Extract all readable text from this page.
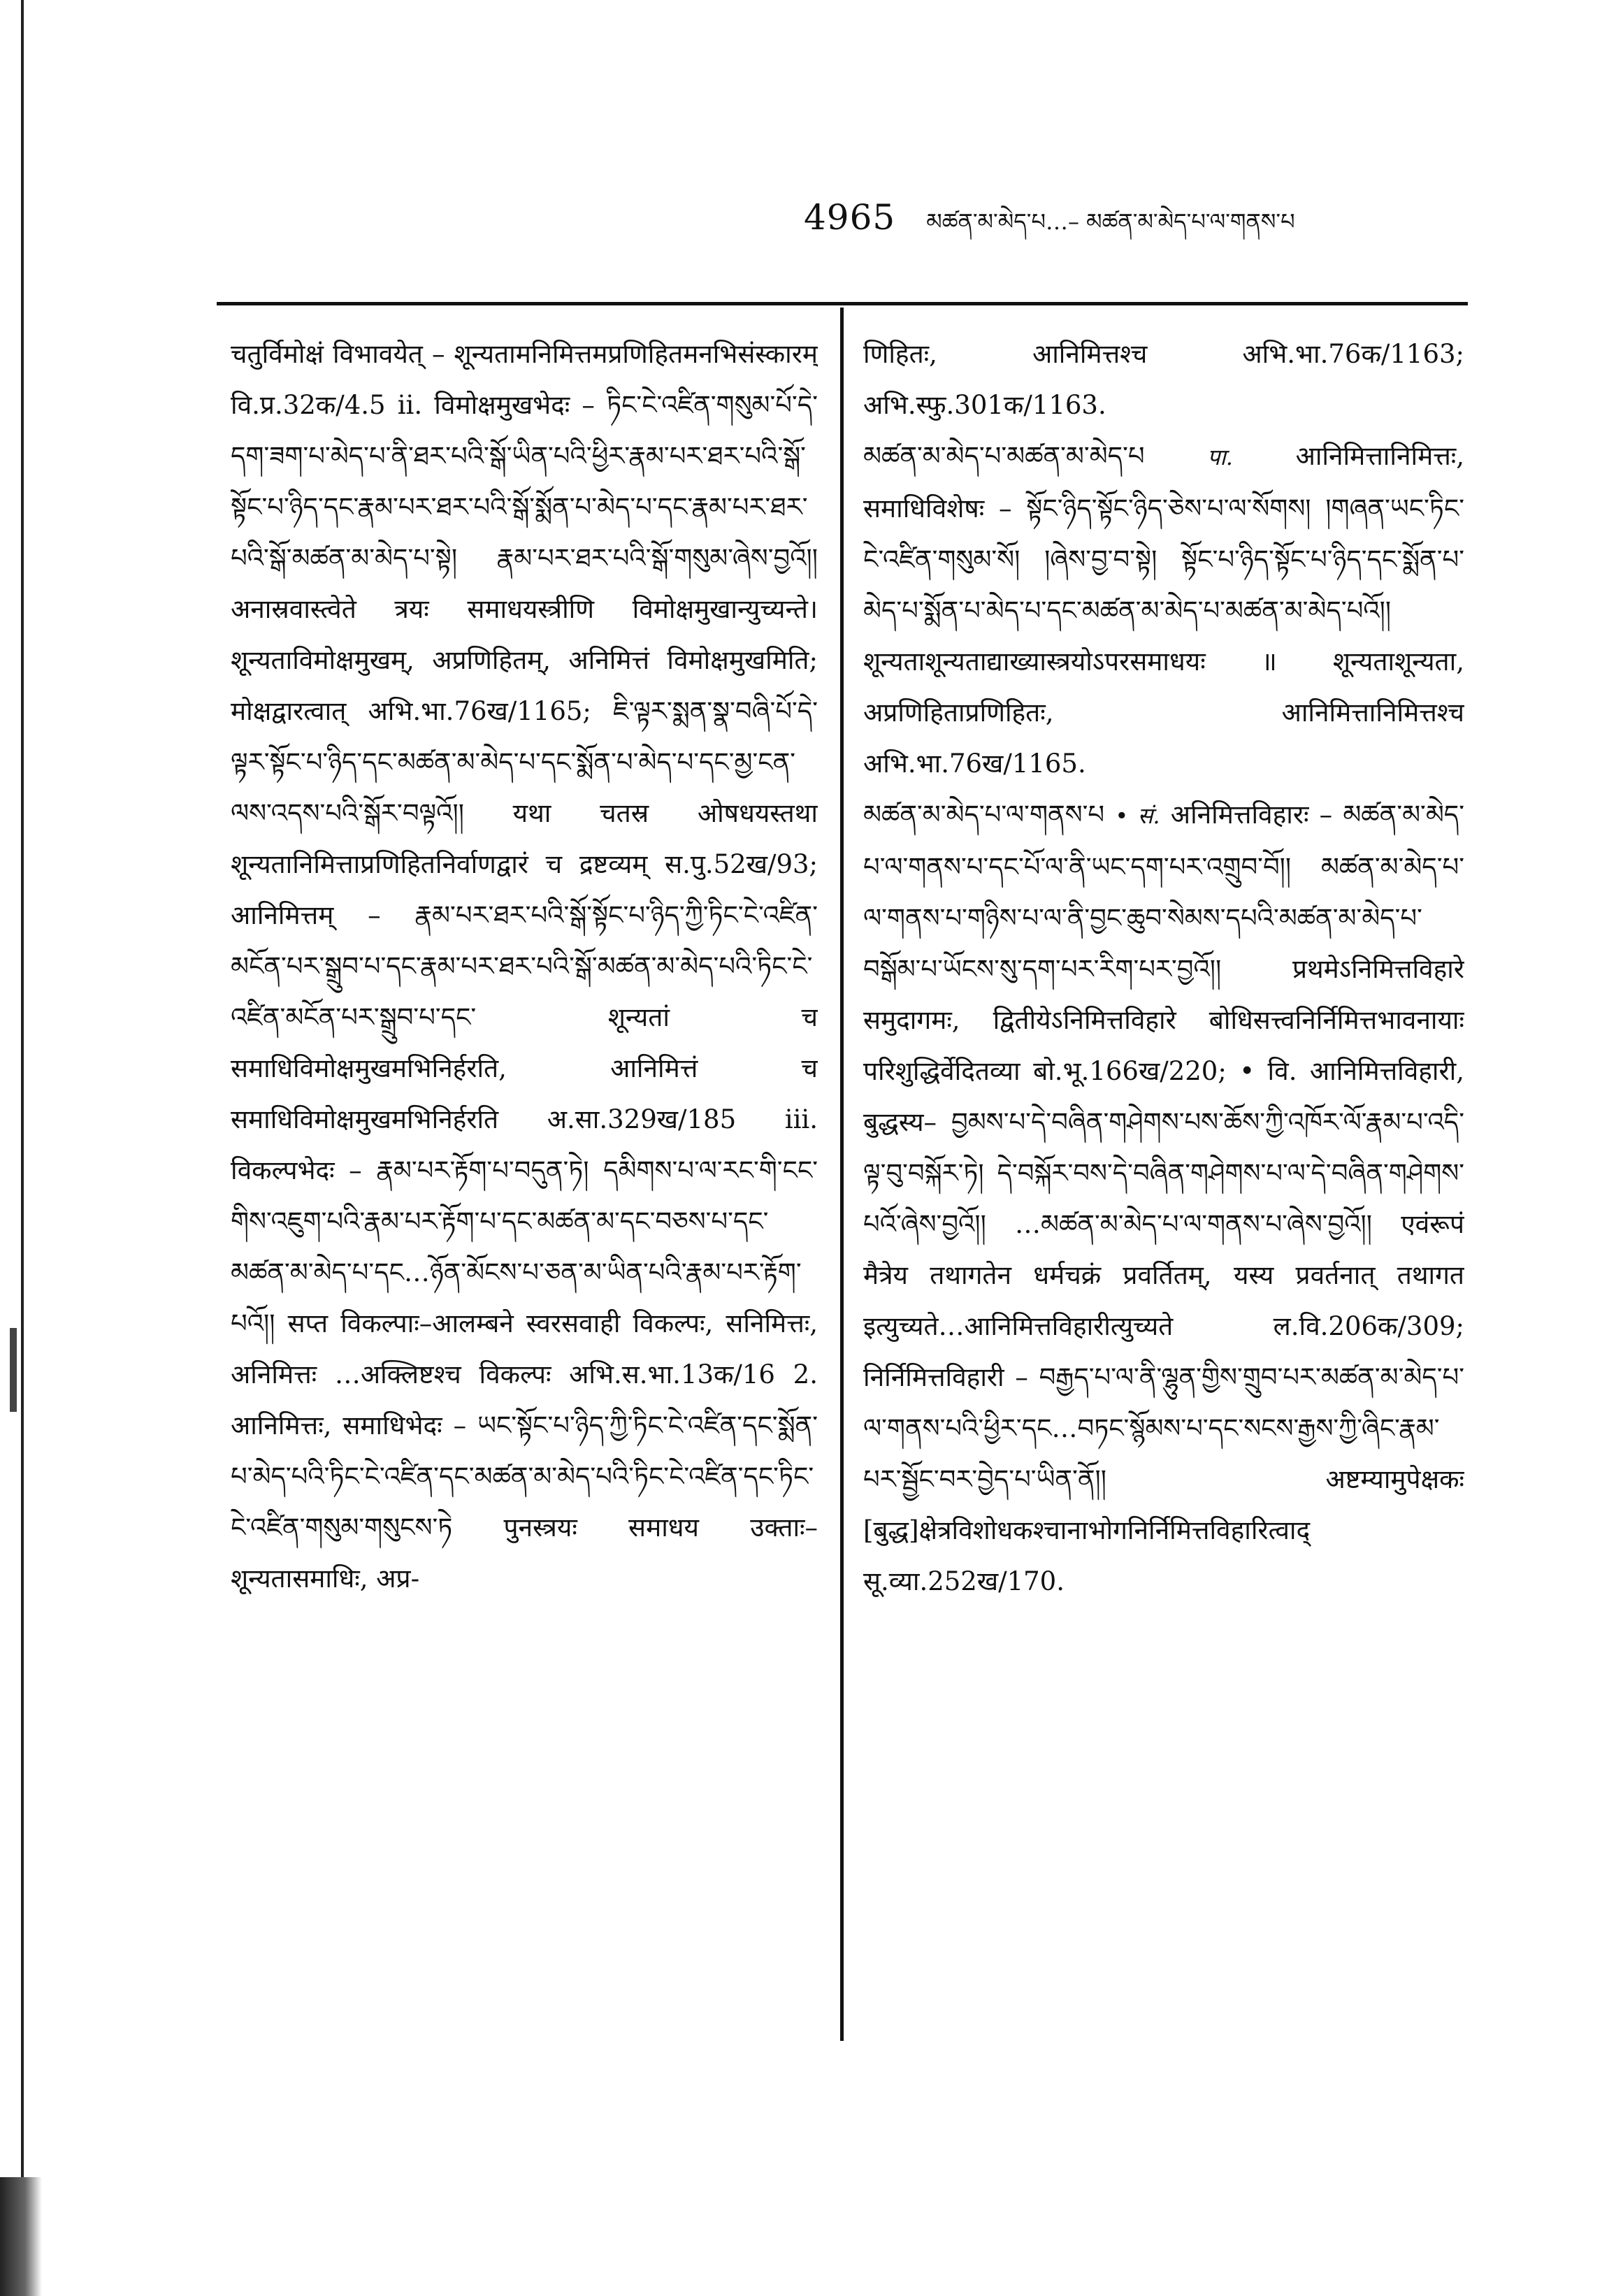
4965 མཚན་མ་མེད་པ…– མཚན་མ་མེད་པ་ལ་གནས་པ

चतुर्विमोक्षं विभावयेत् – शून्यतामनिमित्तमप्रणिहितमनभिसंस्कारम् वि.प्र.32क/4.5 ii. विमोक्षमुखभेदः – ཏིང་ངེ་འཛིན་གསུམ་པོ་དེ་དག་ཟག་པ་མེད་པ་ནི་ཐར་པའི་སྒོ་ཡིན་པའི་ཕྱིར་རྣམ་པར་ཐར་པའི་སྒོ་སྟོང་པ་ཉིད་དང་རྣམ་པར་ཐར་པའི་སྒོ་སྨོན་པ་མེད་པ་དང་རྣམ་པར་ཐར་པའི་སྒོ་མཚན་མ་མེད་པ་སྟེ། རྣམ་པར་ཐར་པའི་སྒོ་གསུམ་ཞེས་བྱའོ།། अनास्रवास्त्वेते त्रयः समाधयस्त्रीणि विमोक्षमुखान्युच्यन्ते। शून्यताविमोक्षमुखम्, अप्रणिहितम्, अनिमित्तं विमोक्षमुखमिति; मोक्षद्वारत्वात् अभि.भा.76ख/1165; ཇི་ལྟར་སྨན་སྣ་བཞི་པོ་དེ་ལྟར་སྟོང་པ་ཉིད་དང་མཚན་མ་མེད་པ་དང་སྨོན་པ་མེད་པ་དང་མྱ་ངན་ལས་འདས་པའི་སྒོར་བལྟའོ།། यथा चतस्र ओषधयस्तथा शून्यतानिमित्ताप्रणिहितनिर्वाणद्वारं च द्रष्टव्यम् स.पु.52ख/93; आनिमित्तम् – རྣམ་པར་ཐར་པའི་སྒོ་སྟོང་པ་ཉིད་ཀྱི་ཏིང་ངེ་འཛིན་མངོན་པར་སྒྲུབ་པ་དང་རྣམ་པར་ཐར་པའི་སྒོ་མཚན་མ་མེད་པའི་ཏིང་ངེ་འཛིན་མངོན་པར་སྒྲུབ་པ་དང་ शून्यतां च समाधिविमोक्षमुखमभिनिर्हरति, आनिमित्तं च समाधिविमोक्षमुखमभिनिर्हरति अ.सा.329ख/185 iii. विकल्पभेदः – རྣམ་པར་རྟོག་པ་བདུན་ཏེ། དམིགས་པ་ལ་རང་གི་ངང་གིས་འཇུག་པའི་རྣམ་པར་རྟོག་པ་དང་མཚན་མ་དང་བཅས་པ་དང་མཚན་མ་མེད་པ་དང…ཉོན་མོངས་པ་ཅན་མ་ཡིན་པའི་རྣམ་པར་རྟོག་པའོ།། सप्त विकल्पाः–आलम्बने स्वरसवाही विकल्पः, सनिमित्तः, अनिमित्तः …अक्लिष्टश्च विकल्पः अभि.स.भा.13क/16 2. आनिमित्तः, समाधिभेदः – ཡང་སྟོང་པ་ཉིད་ཀྱི་ཏིང་ངེ་འཛིན་དང་སྨོན་པ་མེད་པའི་ཏིང་ངེ་འཛིན་དང་མཚན་མ་མེད་པའི་ཏིང་ངེ་འཛིན་དང་ཏིང་ངེ་འཛིན་གསུམ་གསུངས་ཏེ पुनस्त्रयः समाधय उक्ताः–शून्यतासमाधिः, अप्र-

णिहितः, आनिमित्तश्च अभि.भा.76क/1163; अभि.स्फु.301क/1163.

མཚན་མ་མེད་པ་མཚན་མ་མེད་པ	पा. आनिमित्तानिमित्तः, समाधिविशेषः – སྟོང་ཉིད་སྟོང་ཉིད་ཅེས་པ་ལ་སོགས། །གཞན་ཡང་ཏིང་ངེ་འཛིན་གསུམ་སོ། །ཞེས་བྱ་བ་སྟེ། སྟོང་པ་ཉིད་སྟོང་པ་ཉིད་དང་སྨོན་པ་མེད་པ་སྨོན་པ་མེད་པ་དང་མཚན་མ་མེད་པ་མཚན་མ་མེད་པའོ།། शून्यताशून्यताद्याख्यास्त्रयोऽपरसमाधयः ॥ शून्यताशून्यता, अप्रणिहिताप्रणिहितः, आनिमित्तानिमित्तश्च अभि.भा.76ख/1165.

མཚན་མ་མེད་པ་ལ་གནས་པ • सं. अनिमित्तविहारः – མཚན་མ་མེད་པ་ལ་གནས་པ་དང་པོ་ལ་ནི་ཡང་དག་པར་འགྲུབ་བོ།། མཚན་མ་མེད་པ་ལ་གནས་པ་གཉིས་པ་ལ་ནི་བྱང་ཆུབ་སེམས་དཔའི་མཚན་མ་མེད་པ་བསྒོམ་པ་ཡོངས་སུ་དག་པར་རིག་པར་བྱའོ།། प्रथमेऽनिमित्तविहारे समुदागमः, द्वितीयेऽनिमित्तविहारे बोधिसत्त्वनिर्निमित्तभावनायाः परिशुद्धिर्वेदितव्या बो.भू.166ख/220; • वि. आनिमित्तविहारी, बुद्धस्य– བྱམས་པ་དེ་བཞིན་གཤེགས་པས་ཆོས་ཀྱི་འཁོར་ལོ་རྣམ་པ་འདི་ལྟ་བུ་བསྐོར་ཏེ། དེ་བསྐོར་བས་དེ་བཞིན་གཤེགས་པ་ལ་དེ་བཞིན་གཤེགས་པའོ་ཞེས་བྱའོ།། …མཚན་མ་མེད་པ་ལ་གནས་པ་ཞེས་བྱའོ།། एवंरूपं मैत्रेय तथागतेन धर्मचक्रं प्रवर्तितम्, यस्य प्रवर्तनात् तथागत इत्युच्यते…आनिमित्तविहारीत्युच्यते ल.वि.206क/309; निर्निमित्तविहारी – བརྒྱད་པ་ལ་ནི་ལྷུན་གྱིས་གྲུབ་པར་མཚན་མ་མེད་པ་ལ་གནས་པའི་ཕྱིར་དང…བཏང་སྙོམས་པ་དང་སངས་རྒྱས་ཀྱི་ཞིང་རྣམ་པར་སྦྱོང་བར་བྱེད་པ་ཡིན་ནོ།། अष्टम्यामुपेक्षकः [बुद्ध]क्षेत्रविशोधकश्चानाभोगनिर्निमित्तविहारित्वाद् सू.व्या.252ख/170.
